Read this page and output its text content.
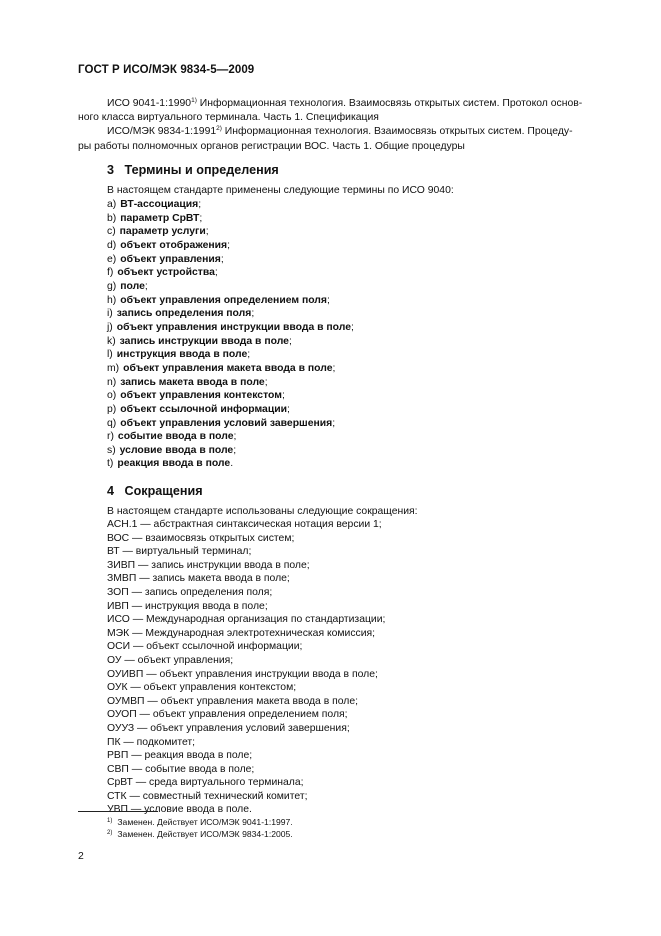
ГОСТ Р ИСО/МЭК 9834-5—2009

ИСО 9041-1:1990$^{1)}$ Информационная технология. Взаимосвязь открытых систем. Протокол основ-

ного класса виртуального терминала. Часть 1. Спецификация

ИСО/МЭК 9834-1:1991$^{2)}$ Информационная технология. Взаимосвязь открытых систем. Процеду-

ры работы полномочных органов регистрации ВОС. Часть 1. Общие процедуры

3 Термины и определения
В настоящем стандарте применены следующие термины по ИСО 9040:
a) ВТ-ассоциация;
b) параметр СрВТ;
c) параметр услуги;
d) объект отображения;
e) объект управления;
f) объект устройства;
g) поле;
h) объект управления определением поля;
i) запись определения поля;
j) объект управления инструкции ввода в поле;
k) запись инструкции ввода в поле;
l) инструкция ввода в поле;
m) объект управления макета ввода в поле;
n) запись макета ввода в поле;
o) объект управления контекстом;
p) объект ссылочной информации;
q) объект управления условий завершения;
r) событие ввода в поле;
s) условие ввода в поле;
t) реакция ввода в поле.
4 Сокращения
В настоящем стандарте использованы следующие сокращения:
АСН.1 — абстрактная синтаксическая нотация версии 1;
ВОС — взаимосвязь открытых систем;
ВТ — виртуальный терминал;
ЗИВП — запись инструкции ввода в поле;
ЗМВП — запись макета ввода в поле;
ЗОП — запись определения поля;
ИВП — инструкция ввода в поле;
ИСО — Международная организация по стандартизации;
МЭК — Международная электротехническая комиссия;
ОСИ — объект ссылочной информации;
ОУ — объект управления;
ОУИВП — объект управления инструкции ввода в поле;
ОУК — объект управления контекстом;
ОУМВП — объект управления макета ввода в поле;
ОУОП — объект управления определением поля;
ОУУЗ — объект управления условий завершения;
ПК — подкомитет;
РВП — реакция ввода в поле;
СВП — событие ввода в поле;
СрВТ — среда виртуального терминала;
СТК — совместный технический комитет;
УВП — условие ввода в поле.
$^{1)}$ Заменен. Действует ИСО/МЭК 9041-1:1997.
$^{2)}$ Заменен. Действует ИСО/МЭК 9834-1:2005.
2
